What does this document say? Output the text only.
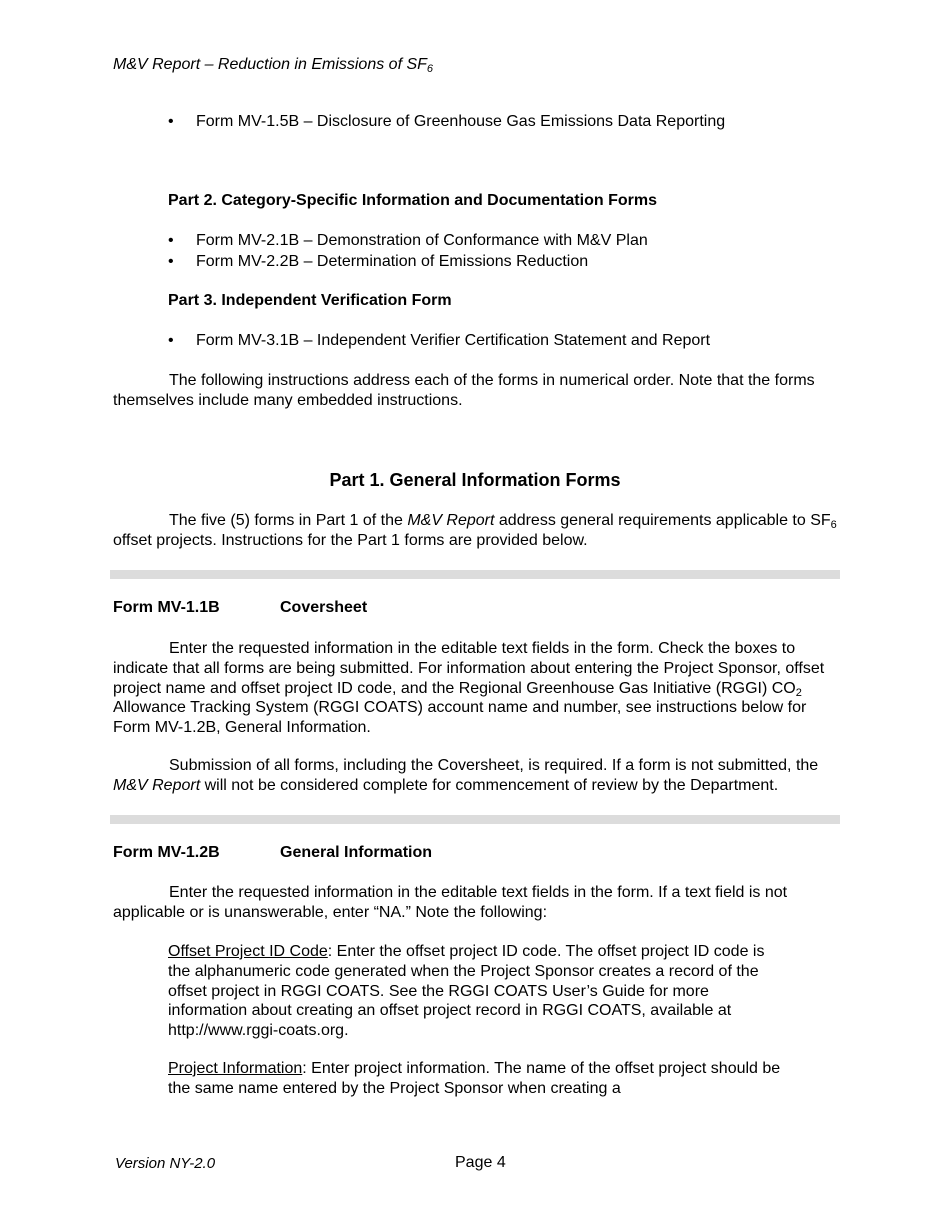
M&V Report – Reduction in Emissions of $SF_6$
• Form MV-1.5B – Disclosure of Greenhouse Gas Emissions Data Reporting
Part 2. Category-Specific Information and Documentation Forms
• Form MV-2.1B – Demonstration of Conformance with M&V Plan
• Form MV-2.2B – Determination of Emissions Reduction
Part 3. Independent Verification Form
• Form MV-3.1B – Independent Verifier Certification Statement and Report

The following instructions address each of the forms in numerical order. Note that the forms themselves include many embedded instructions.

Part 1. General Information Forms

The five (5) forms in Part 1 of the M&V Report address general requirements applicable to $SF_6$ offset projects. Instructions for the Part 1 forms are provided below.

Form MV-1.1B	Coversheet

Enter the requested information in the editable text fields in the form. Check the boxes to indicate that all forms are being submitted. For information about entering the Project Sponsor, offset project name and offset project ID code, and the Regional Greenhouse Gas Initiative (RGGI) $CO_2$ Allowance Tracking System (RGGI COATS) account name and number, see instructions below for Form MV-1.2B, General Information.

Submission of all forms, including the Coversheet, is required. If a form is not submitted, the M&V Report will not be considered complete for commencement of review by the Department.

Form MV-1.2B	General Information

Enter the requested information in the editable text fields in the form. If a text field is not applicable or is unanswerable, enter “NA.” Note the following:

Offset Project ID Code: Enter the offset project ID code. The offset project ID code is the alphanumeric code generated when the Project Sponsor creates a record of the offset project in RGGI COATS. See the RGGI COATS User’s Guide for more information about creating an offset project record in RGGI COATS, available at http://www.rggi-coats.org.

Project Information: Enter project information. The name of the offset project should be the same name entered by the Project Sponsor when creating a

Version NY-2.0	Page 4
